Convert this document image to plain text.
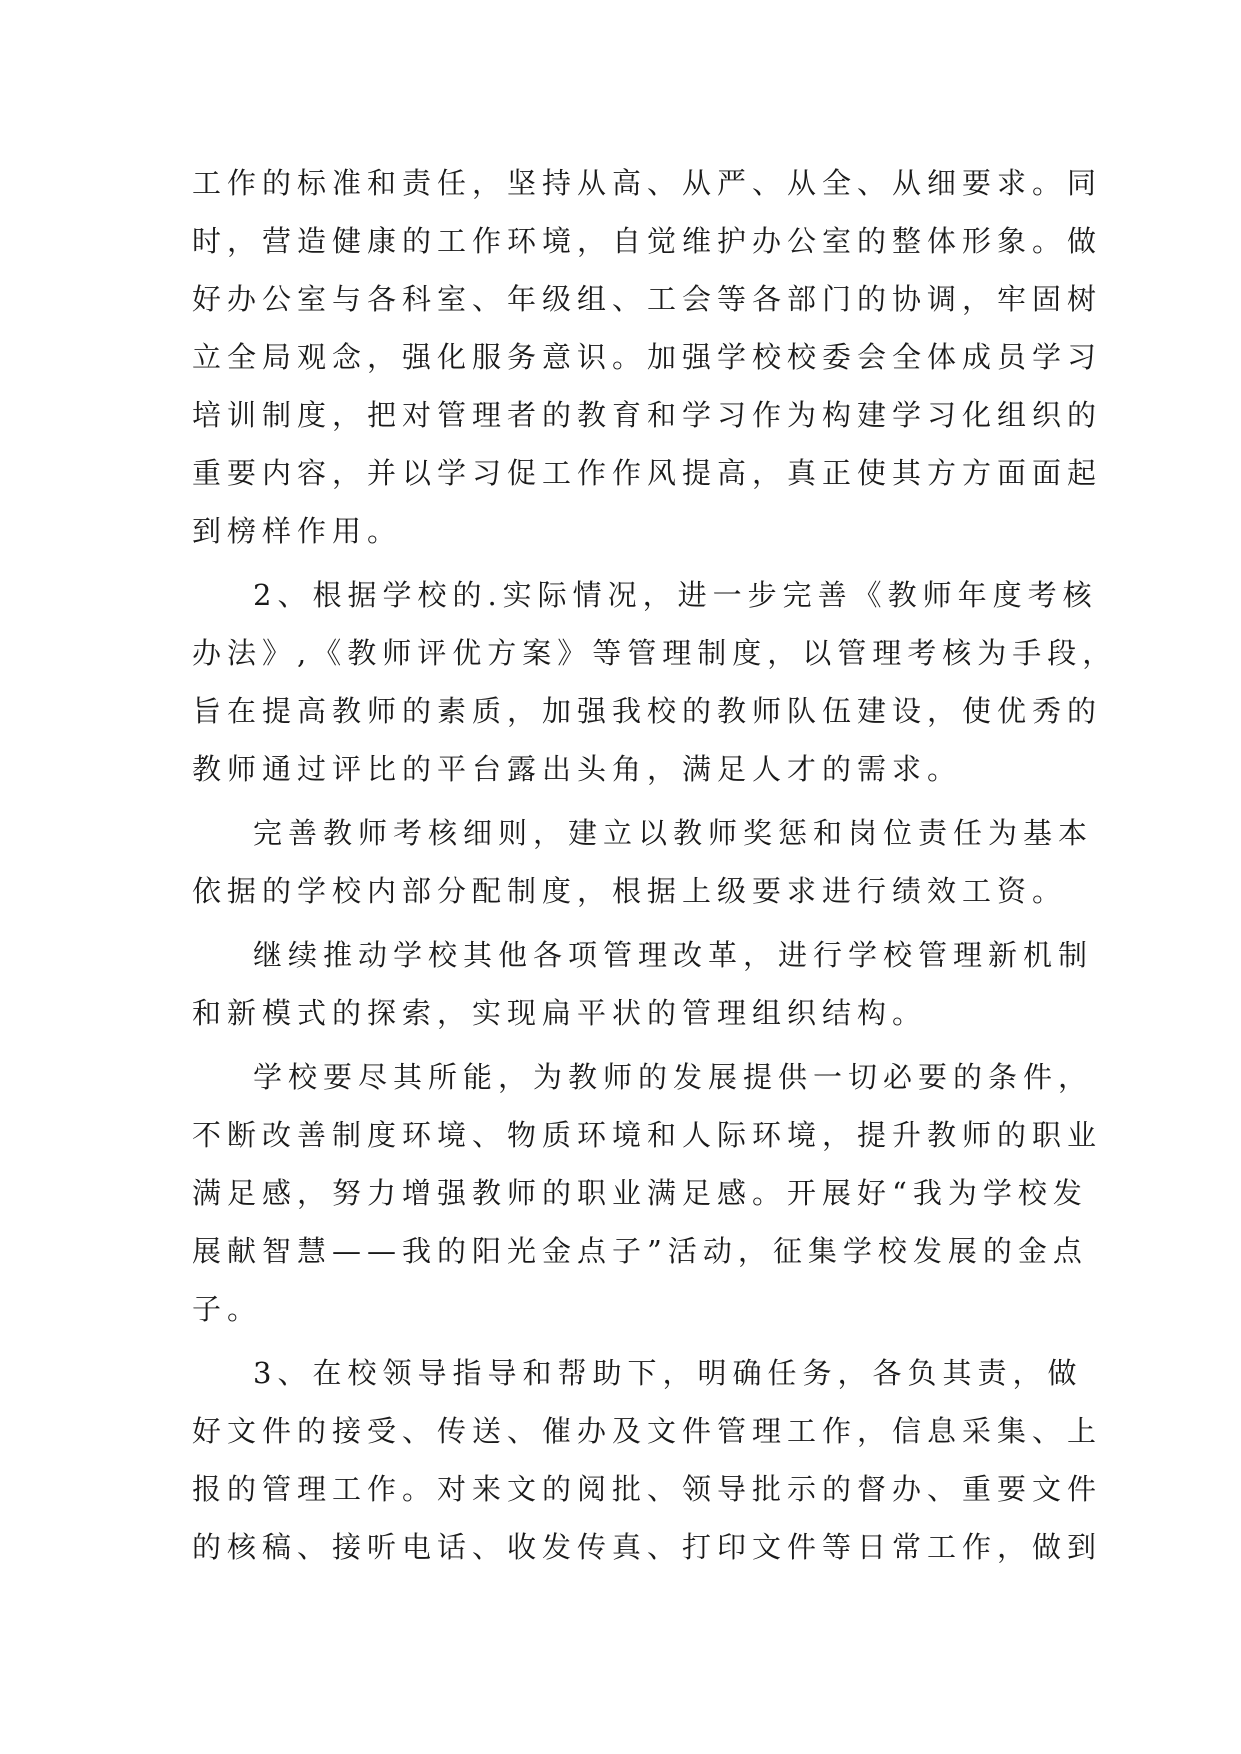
工作的标准和责任，坚持从高、从严、从全、从细要求。同

时，营造健康的工作环境，自觉维护办公室的整体形象。做

好办公室与各科室、年级组、工会等各部门的协调，牢固树

立全局观念，强化服务意识。加强学校校委会全体成员学习

培训制度，把对管理者的教育和学习作为构建学习化组织的

重要内容，并以学习促工作作风提高，真正使其方方面面起

到榜样作用。

2、根据学校的.实际情况，进一步完善《教师年度考核

办法》,《教师评优方案》等管理制度，以管理考核为手段，

旨在提高教师的素质，加强我校的教师队伍建设，使优秀的

教师通过评比的平台露出头角，满足人才的需求。

完善教师考核细则，建立以教师奖惩和岗位责任为基本

依据的学校内部分配制度，根据上级要求进行绩效工资。

继续推动学校其他各项管理改革，进行学校管理新机制

和新模式的探索，实现扁平状的管理组织结构。

学校要尽其所能，为教师的发展提供一切必要的条件，

不断改善制度环境、物质环境和人际环境，提升教师的职业

满足感，努力增强教师的职业满足感。开展好“我为学校发

展献智慧——我的阳光金点子”活动，征集学校发展的金点

子。

3、在校领导指导和帮助下，明确任务，各负其责，做

好文件的接受、传送、催办及文件管理工作，信息采集、上

报的管理工作。对来文的阅批、领导批示的督办、重要文件

的核稿、接听电话、收发传真、打印文件等日常工作，做到
